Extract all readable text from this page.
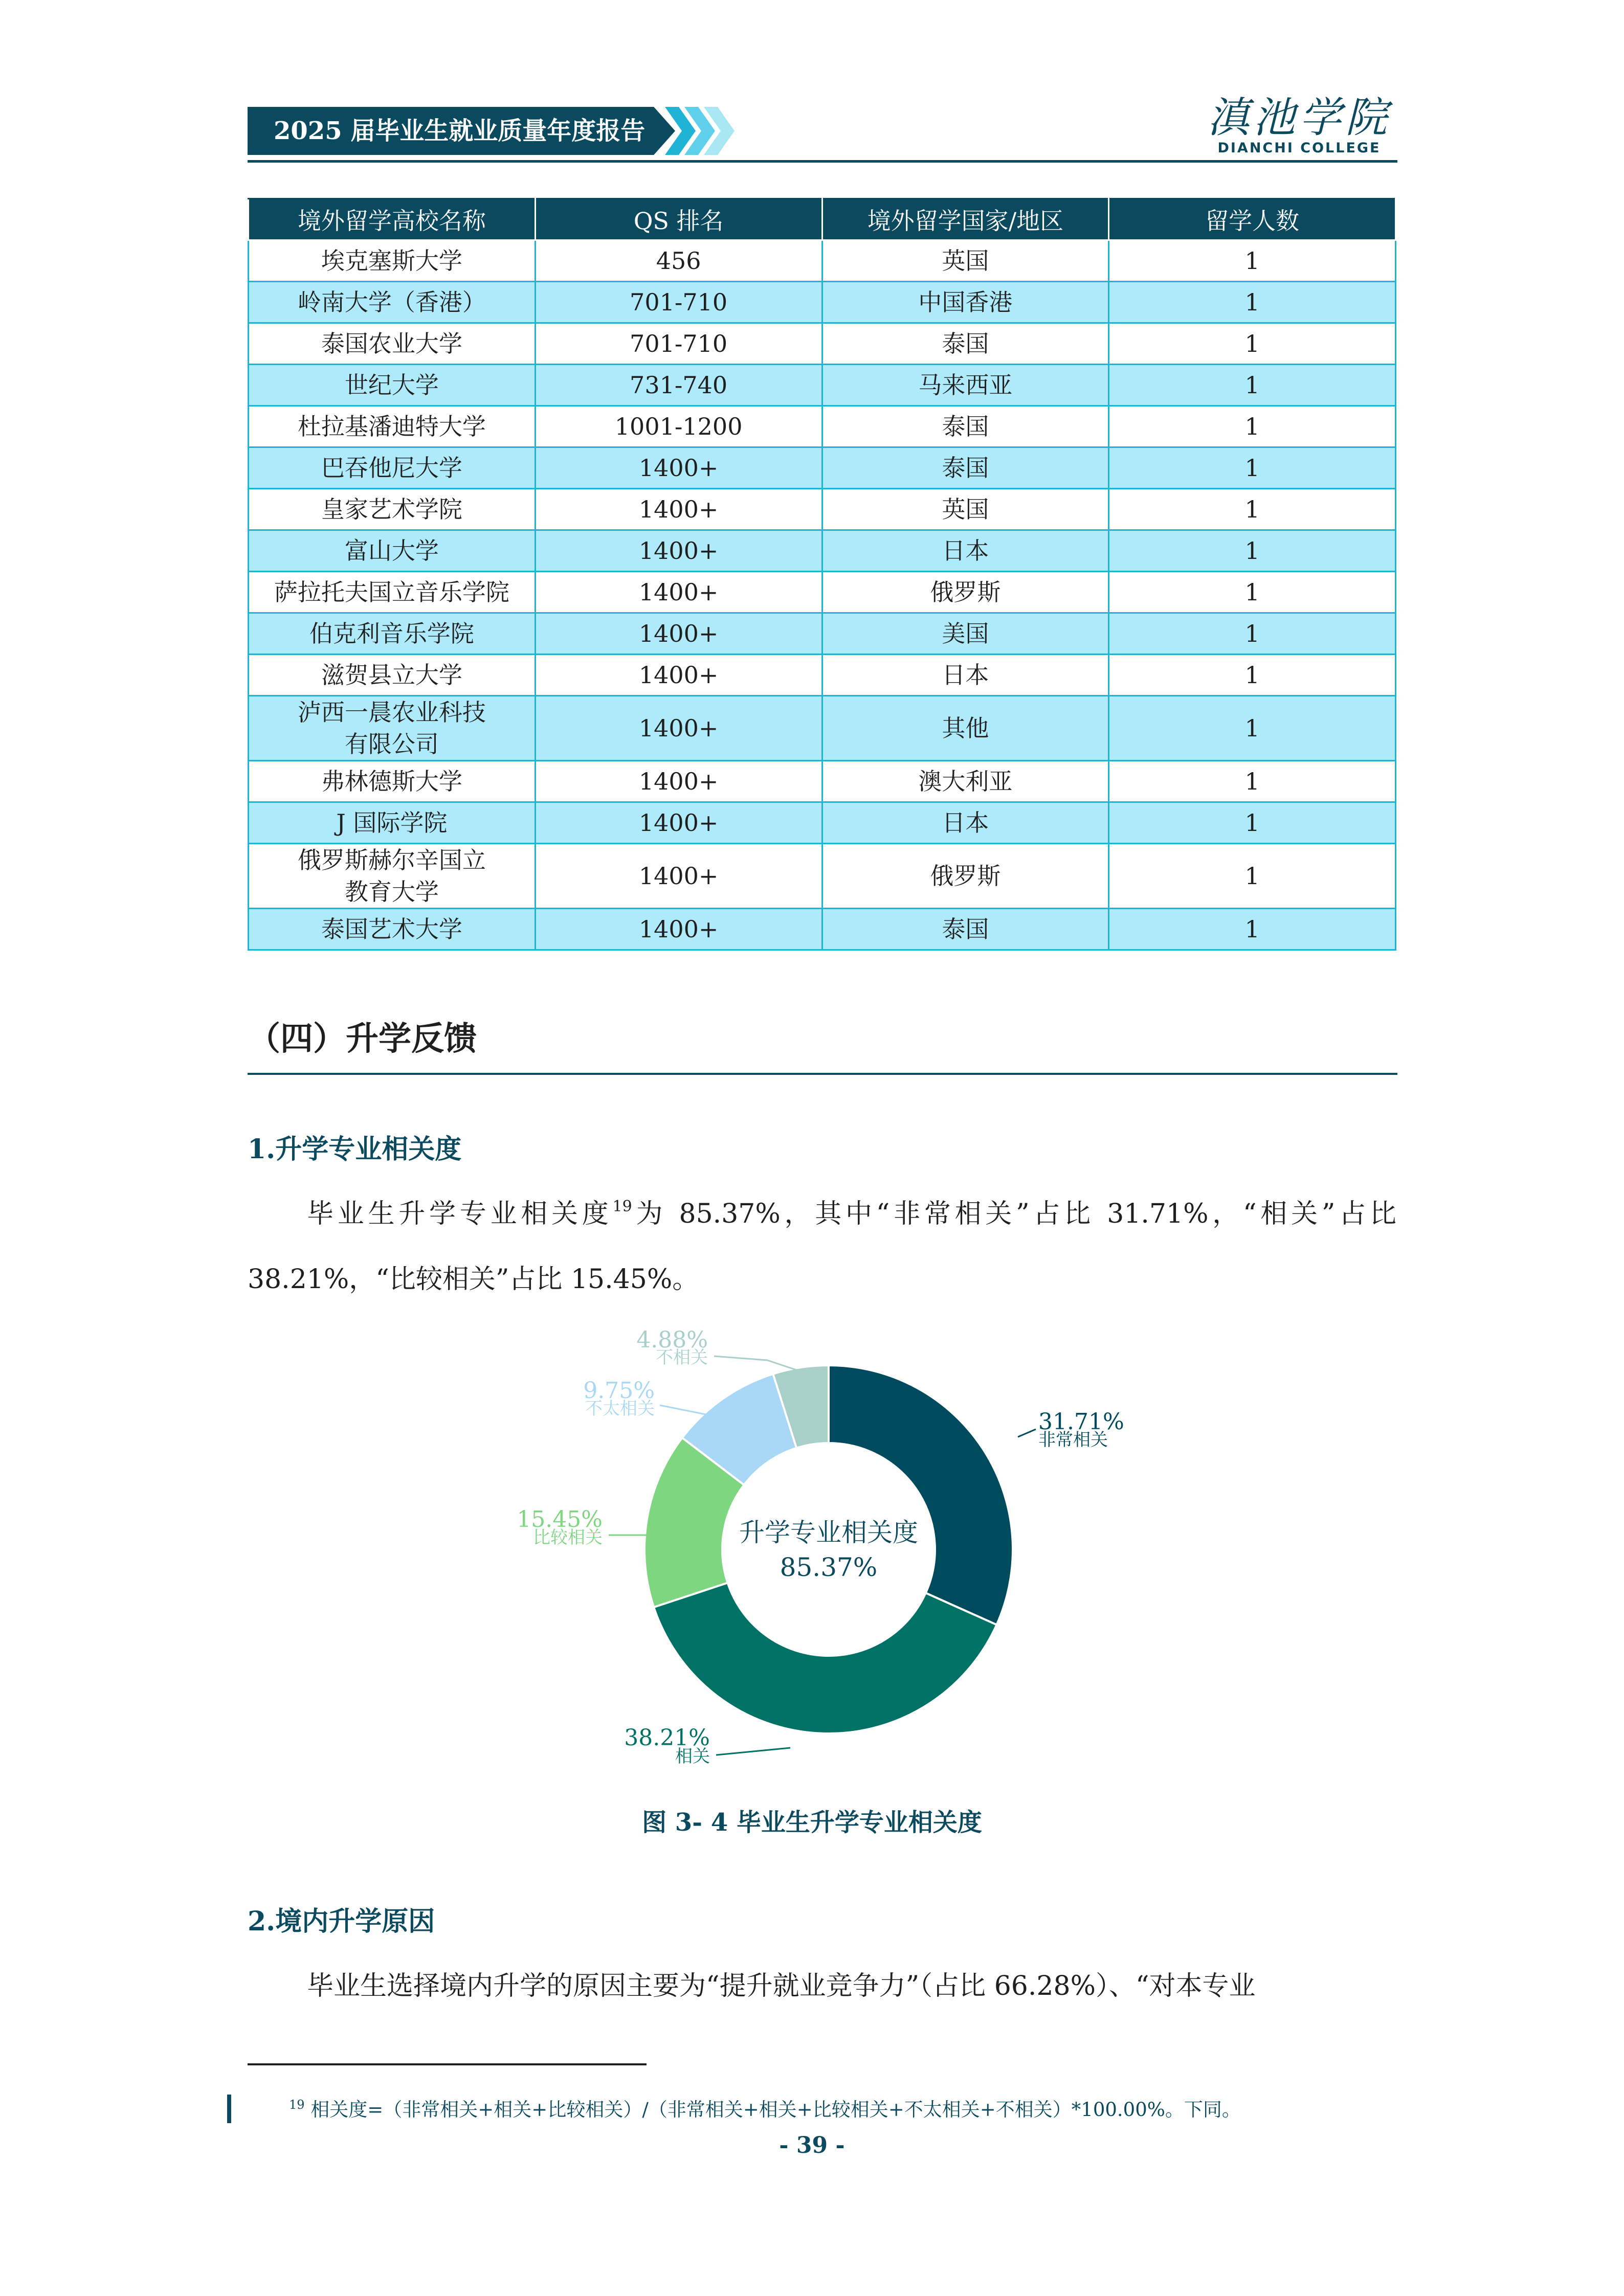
2025 届毕业生就业质量年度报告	滇池学院
DIANCHI COLLEGE
境外留学高校名称	QS 排名	境外留学国家/地区	留学人数
埃克塞斯大学	456	英国	1
岭南大学（香港）	701-710	中国香港	1
泰国农业大学	701-710	泰国	1
世纪大学	731-740	马来西亚	1
杜拉基潘迪特大学	1001-1200	泰国	1
巴吞他尼大学	1400+	泰国	1
皇家艺术学院	1400+	英国	1
富山大学	1400+	日本	1
萨拉托夫国立音乐学院	1400+	俄罗斯	1
伯克利音乐学院	1400+	美国	1
滋贺县立大学	1400+	日本	1
泸西一晨农业科技
有限公司	1400+	其他	1
弗林德斯大学	1400+	澳大利亚	1
J 国际学院	1400+	日本	1
俄罗斯赫尔辛国立
教育大学	1400+	俄罗斯	1
泰国艺术大学	1400+	泰国	1
（四）升学反馈
1.升学专业相关度
毕业生升学专业相关度$^{19}$为 85.37%，其中“非常相关”占比 31.71%，“相关”占比 38.21%，“比较相关”占比 15.45%。
31.71%
非常相关
38.21%
相关
15.45%
比较相关
9.75%
不太相关
4.88%
不相关
升学专业相关度
85.37%
图 3- 4 毕业生升学专业相关度
2.境内升学原因
毕业生选择境内升学的原因主要为“提升就业竞争力”（占比 66.28%）、“对本专业
$^{19}$ 相关度=（非常相关+相关+比较相关）/（非常相关+相关+比较相关+不太相关+不相关）*100.00%。下同。
- 39 -
